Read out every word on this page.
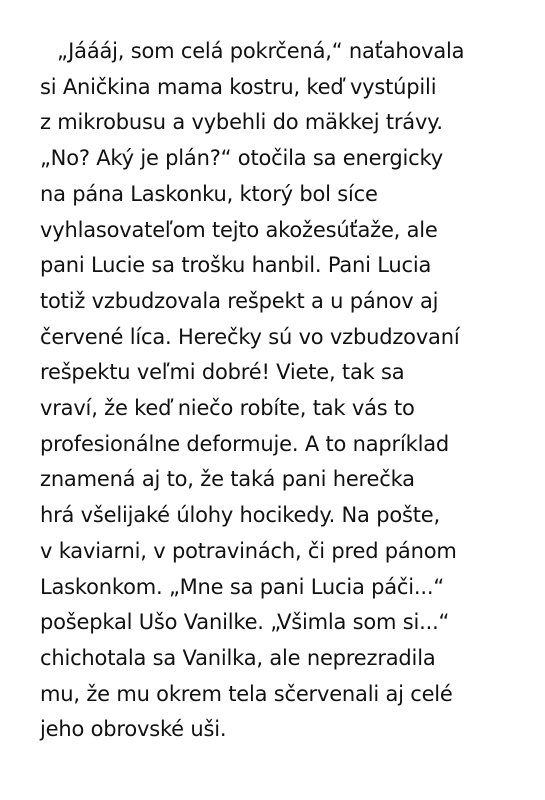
„Jáááj, som celá pokrčená,“ naťahovala
si Aničkina mama kostru, keď vystúpili
z mikrobusu a vybehli do mäkkej trávy.
„No? Aký je plán?“ otočila sa energicky
na pána Laskonku, ktorý bol síce
vyhlasovateľom tejto akožesúťaže, ale
pani Lucie sa trošku hanbil. Pani Lucia
totiž vzbudzovala rešpekt a u pánov aj
červené líca. Herečky sú vo vzbudzovaní
rešpektu veľmi dobré! Viete, tak sa
vraví, že keď niečo robíte, tak vás to
profesionálne deformuje. A to napríklad
znamená aj to, že taká pani herečka
hrá všelijaké úlohy hocikedy. Na pošte,
v kaviarni, v potravinách, či pred pánom
Laskonkom. „Mne sa pani Lucia páči...“
pošepkal Ušo Vanilke. „Všimla som si...“
chichotala sa Vanilka, ale neprezradila
mu, že mu okrem tela sčervenali aj celé
jeho obrovské uši.
